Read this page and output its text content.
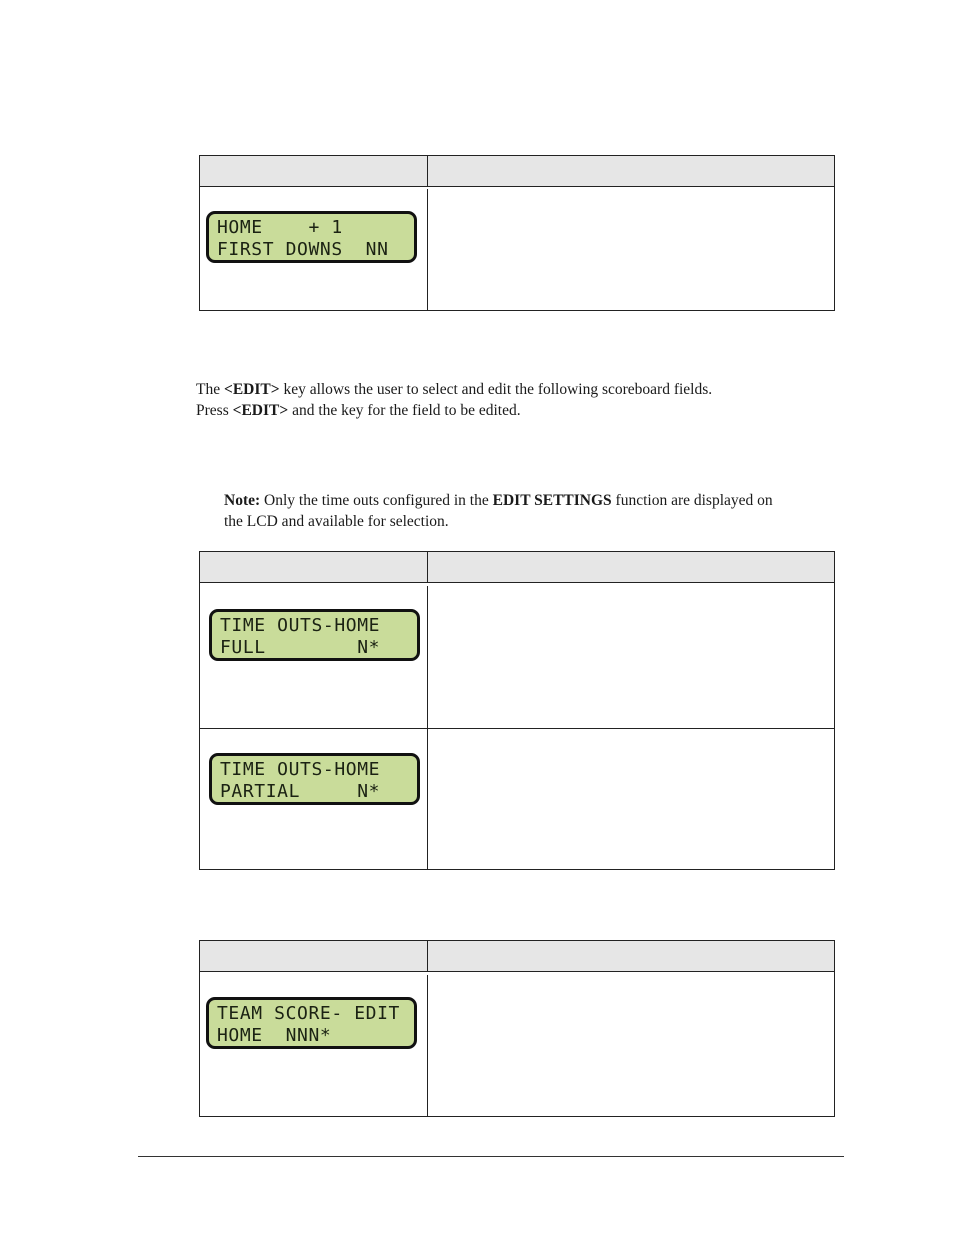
HOME    + 1
FIRST DOWNS  NN
The <EDIT> key allows the user to select and edit the following scoreboard fields.
Press <EDIT> and the key for the field to be edited.
Note: Only the time outs configured in the EDIT SETTINGS function are displayed on
the LCD and available for selection.
TIME OUTS-HOME
FULL        N*
TIME OUTS-HOME
PARTIAL     N*
TEAM SCORE- EDIT
HOME  NNN*
